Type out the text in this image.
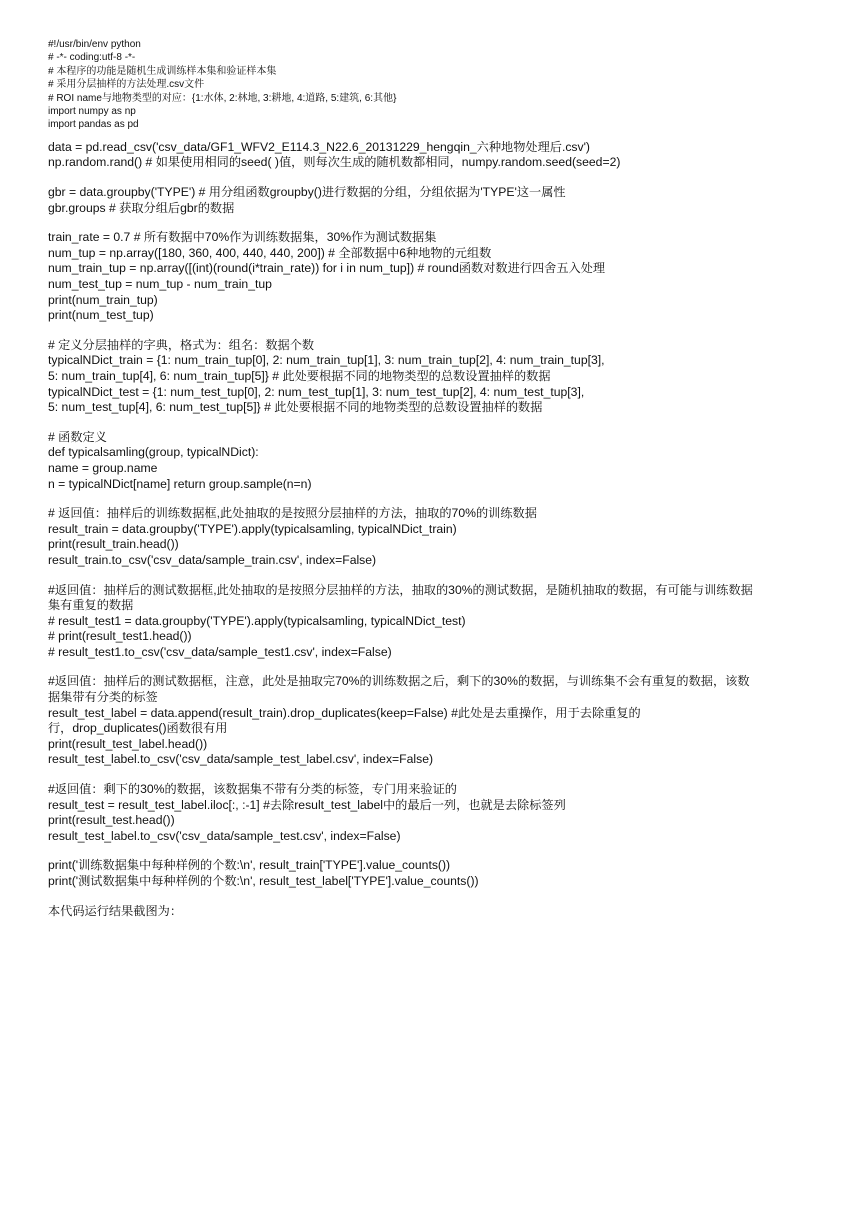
#!/usr/bin/env python
# -*- coding:utf-8 -*-
# 本程序的功能是随机生成训练样本集和验证样本集
# 采用分层抽样的方法处理.csv文件
# ROI name与地物类型的对应：{1:水体, 2:林地, 3:耕地, 4:道路, 5:建筑, 6:其他}
import numpy as np
import pandas as pd
data = pd.read_csv('csv_data/GF1_WFV2_E114.3_N22.6_20131229_hengqin_六种地物处理后.csv')
np.random.rand() # 如果使用相同的seed( )值，则每次生成的随机数都相同，numpy.random.seed(seed=2)
gbr = data.groupby('TYPE') # 用分组函数groupby()进行数据的分组，分组依据为'TYPE'这一属性
gbr.groups # 获取分组后gbr的数据
train_rate = 0.7 # 所有数据中70%作为训练数据集，30%作为测试数据集
num_tup = np.array([180, 360, 400, 440, 440, 200]) # 全部数据中6种地物的元组数
num_train_tup = np.array([(int)(round(i*train_rate)) for i in num_tup]) # round函数对数进行四舍五入处理
num_test_tup = num_tup - num_train_tup
print(num_train_tup)
print(num_test_tup)
# 定义分层抽样的字典，格式为：组名：数据个数
typicalNDict_train = {1: num_train_tup[0], 2: num_train_tup[1], 3: num_train_tup[2], 4: num_train_tup[3],
5: num_train_tup[4], 6: num_train_tup[5]} # 此处要根据不同的地物类型的总数设置抽样的数据
typicalNDict_test = {1: num_test_tup[0], 2: num_test_tup[1], 3: num_test_tup[2], 4: num_test_tup[3],
5: num_test_tup[4], 6: num_test_tup[5]} # 此处要根据不同的地物类型的总数设置抽样的数据
# 函数定义
def typicalsamling(group, typicalNDict):
name = group.name
n = typicalNDict[name] return group.sample(n=n)
# 返回值：抽样后的训练数据框,此处抽取的是按照分层抽样的方法，抽取的70%的训练数据
result_train = data.groupby('TYPE').apply(typicalsamling, typicalNDict_train)
print(result_train.head())
result_train.to_csv('csv_data/sample_train.csv', index=False)
#返回值：抽样后的测试数据框,此处抽取的是按照分层抽样的方法，抽取的30%的测试数据，是随机抽取的数据，有可能与训练数据
集有重复的数据
# result_test1 = data.groupby('TYPE').apply(typicalsamling, typicalNDict_test)
# print(result_test1.head())
# result_test1.to_csv('csv_data/sample_test1.csv', index=False)
#返回值：抽样后的测试数据框，注意，此处是抽取完70%的训练数据之后，剩下的30%的数据，与训练集不会有重复的数据，该数
据集带有分类的标签
result_test_label = data.append(result_train).drop_duplicates(keep=False) #此处是去重操作，用于去除重复的
行，drop_duplicates()函数很有用
print(result_test_label.head())
result_test_label.to_csv('csv_data/sample_test_label.csv', index=False)
#返回值：剩下的30%的数据，该数据集不带有分类的标签，专门用来验证的
result_test = result_test_label.iloc[:, :-1] #去除result_test_label中的最后一列，也就是去除标签列
print(result_test.head())
result_test_label.to_csv('csv_data/sample_test.csv', index=False)
print('训练数据集中每种样例的个数:\n', result_train['TYPE'].value_counts())
print('测试数据集中每种样例的个数:\n', result_test_label['TYPE'].value_counts())
本代码运行结果截图为：
